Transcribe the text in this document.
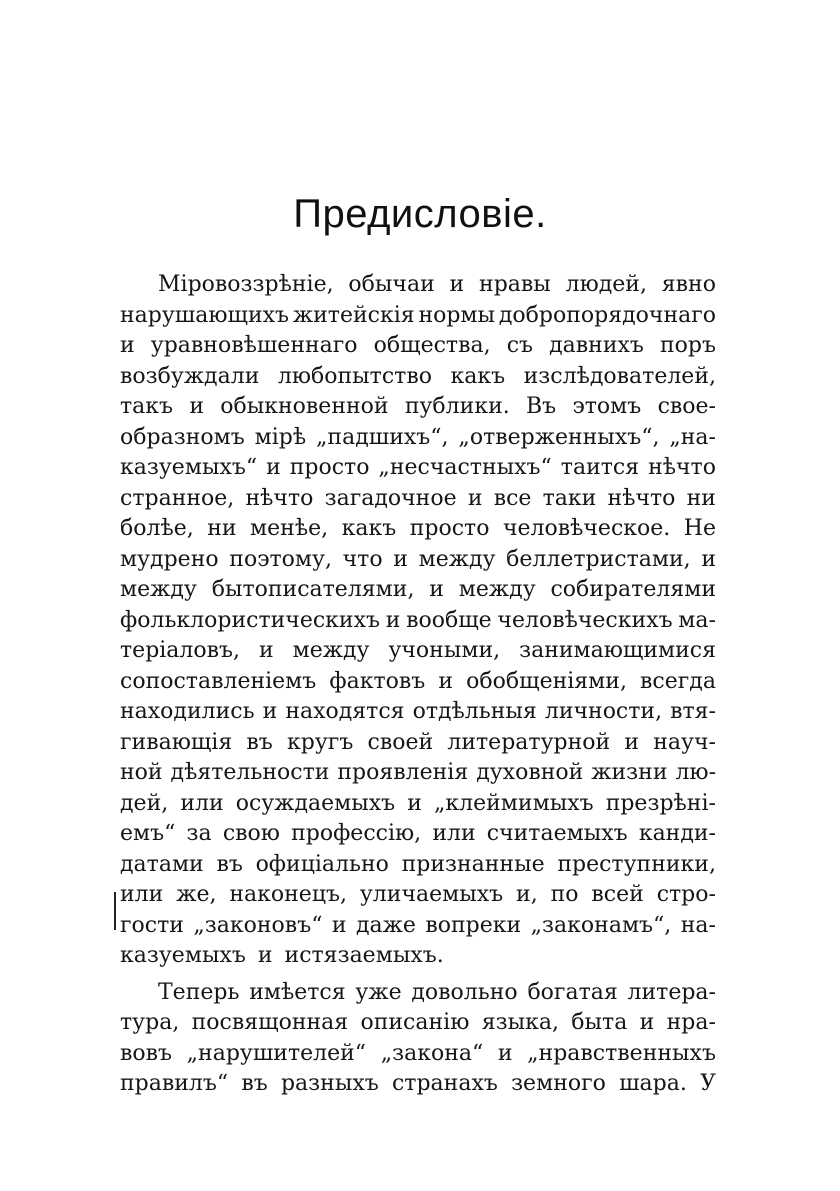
Предисловіе.
Міровоззрѣніе, обычаи и нравы людей, явно
нарушающихъ житейскія нормы добропорядочнаго
и уравновѣшеннаго общества, съ давнихъ поръ
возбуждали любопытство какъ изслѣдователей,
такъ и обыкновенной публики. Въ этомъ свое-
образномъ мірѣ „падшихъ“, „отверженныхъ“, „на-
казуемыхъ“ и просто „несчастныхъ“ таится нѣчто
странное, нѣчто загадочное и все таки нѣчто ни
болѣе, ни менѣе, какъ просто человѣческое. Не
мудрено поэтому, что и между беллетристами, и
между бытописателями, и между собирателями
фольклористическихъ и вообще человѣческихъ ма-
теріаловъ, и между учоными, занимающимися
сопоставленіемъ фактовъ и обобщеніями, всегда
находились и находятся отдѣльныя личности, втя-
гивающія въ кругъ своей литературной и науч-
ной дѣятельности проявленія духовной жизни лю-
дей, или осуждаемыхъ и „клеймимыхъ презрѣні-
емъ“ за свою профессію, или считаемыхъ канди-
датами въ офиціально признанные преступники,
или же, наконецъ, уличаемыхъ и, по всей стро-
гости „законовъ“ и даже вопреки „законамъ“, на-
казуемыхъ и истязаемыхъ.
Теперь имѣется уже довольно богатая литера-
тура, посвящонная описанію языка, быта и нра-
вовъ „нарушителей“ „закона“ и „нравственныхъ
правилъ“ въ разныхъ странахъ земного шара. У
